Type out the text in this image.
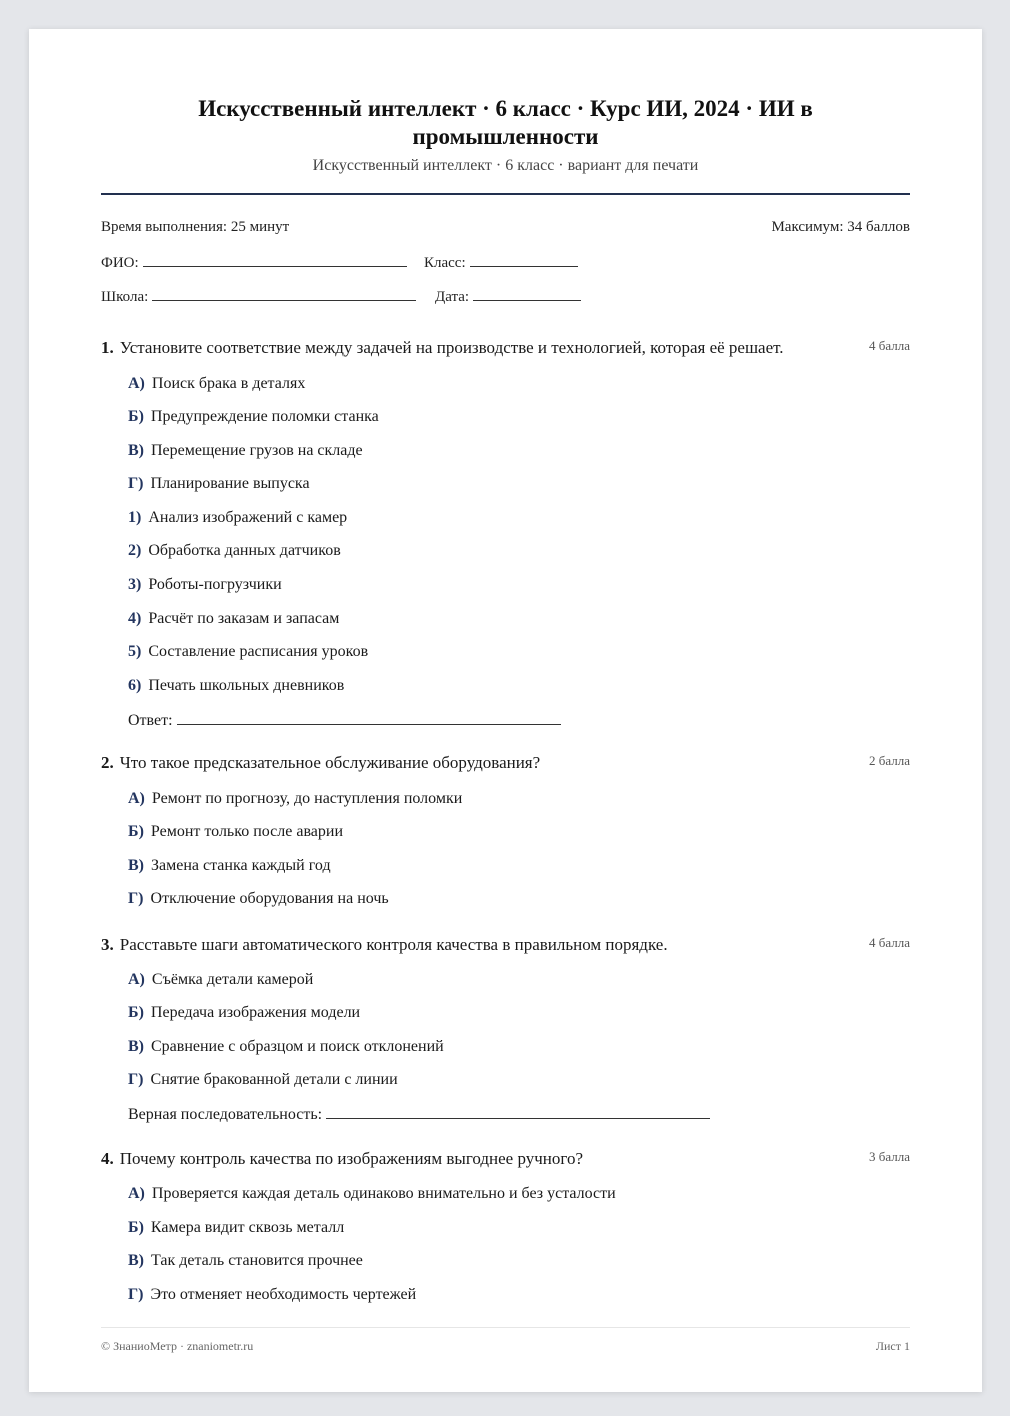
Искусственный интеллект · 6 класс · Курс ИИ, 2024 · ИИ в
промышленности
Искусственный интеллект · 6 класс · вариант для печати
Время выполнения: 25 минут	Максимум: 34 баллов
ФИО:	Класс:
Школа:	Дата:
1. Установите соответствие между задачей на производстве и технологией, которая её решает.	4 балла
А) Поиск брака в деталях
Б) Предупреждение поломки станка
В) Перемещение грузов на складе
Г) Планирование выпуска
1) Анализ изображений с камер
2) Обработка данных датчиков
3) Роботы-погрузчики
4) Расчёт по заказам и запасам
5) Составление расписания уроков
6) Печать школьных дневников
Ответ:
2. Что такое предсказательное обслуживание оборудования?	2 балла
А) Ремонт по прогнозу, до наступления поломки
Б) Ремонт только после аварии
В) Замена станка каждый год
Г) Отключение оборудования на ночь
3. Расставьте шаги автоматического контроля качества в правильном порядке.	4 балла
А) Съёмка детали камерой
Б) Передача изображения модели
В) Сравнение с образцом и поиск отклонений
Г) Снятие бракованной детали с линии
Верная последовательность:
4. Почему контроль качества по изображениям выгоднее ручного?	3 балла
А) Проверяется каждая деталь одинаково внимательно и без усталости
Б) Камера видит сквозь металл
В) Так деталь становится прочнее
Г) Это отменяет необходимость чертежей
© ЗнаниоМетр · znaniometr.ru	Лист 1
